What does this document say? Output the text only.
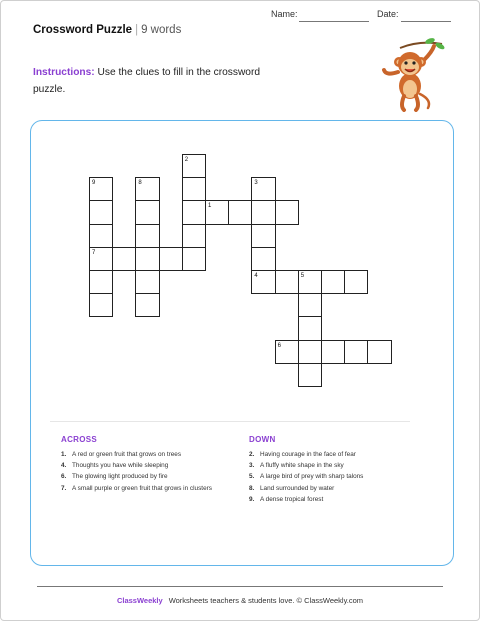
Name:	Date:
Crossword Puzzle | 9 words
Instructions: Use the clues to fill in the crossword puzzle.
2
9
7
8
1
3
4	5
6
ACROSS	DOWN
1. A red or green fruit that grows on trees
4. Thoughts you have while sleeping
6. The glowing light produced by fire
7. A small purple or green fruit that grows in clusters
2. Having courage in the face of fear
3. A fluffy white shape in the sky
5. A large bird of prey with sharp talons
8. Land surrounded by water
9. A dense tropical forest
ClassWeekly Worksheets teachers & students love. © ClassWeekly.com
